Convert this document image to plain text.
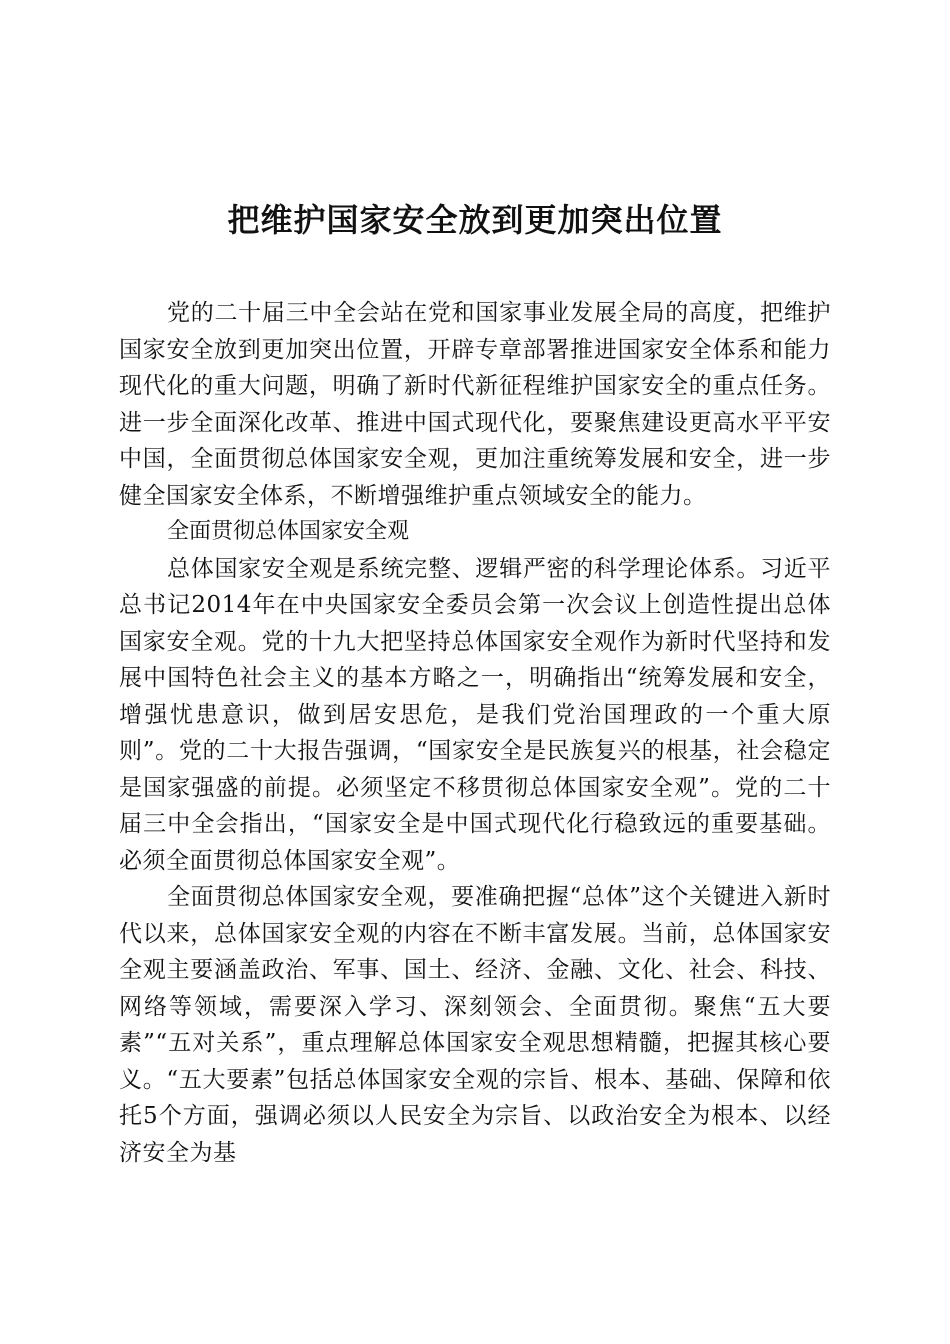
把维护国家安全放到更加突出位置

党的二十届三中全会站在党和国家事业发展全局的高度，把维护国家安全放到更加突出位置，开辟专章部署推进国家安全体系和能力现代化的重大问题，明确了新时代新征程维护国家安全的重点任务。进一步全面深化改革、推进中国式现代化，要聚焦建设更高水平平安中国，全面贯彻总体国家安全观，更加注重统筹发展和安全，进一步健全国家安全体系，不断增强维护重点领域安全的能力。

全面贯彻总体国家安全观

总体国家安全观是系统完整、逻辑严密的科学理论体系。习近平总书记2014年在中央国家安全委员会第一次会议上创造性提出总体国家安全观。党的十九大把坚持总体国家安全观作为新时代坚持和发展中国特色社会主义的基本方略之一，明确指出“统筹发展和安全，增强忧患意识，做到居安思危，是我们党治国理政的一个重大原则”。党的二十大报告强调，“国家安全是民族复兴的根基，社会稳定是国家强盛的前提。必须坚定不移贯彻总体国家安全观”。党的二十届三中全会指出，“国家安全是中国式现代化行稳致远的重要基础。必须全面贯彻总体国家安全观”。

全面贯彻总体国家安全观，要准确把握“总体”这个关键进入新时代以来，总体国家安全观的内容在不断丰富发展。当前，总体国家安全观主要涵盖政治、军事、国土、经济、金融、文化、社会、科技、网络等领域，需要深入学习、深刻领会、全面贯彻。聚焦“五大要素”“五对关系”，重点理解总体国家安全观思想精髓，把握其核心要义。“五大要素”包括总体国家安全观的宗旨、根本、基础、保障和依托5个方面，强调必须以人民安全为宗旨、以政治安全为根本、以经济安全为基
